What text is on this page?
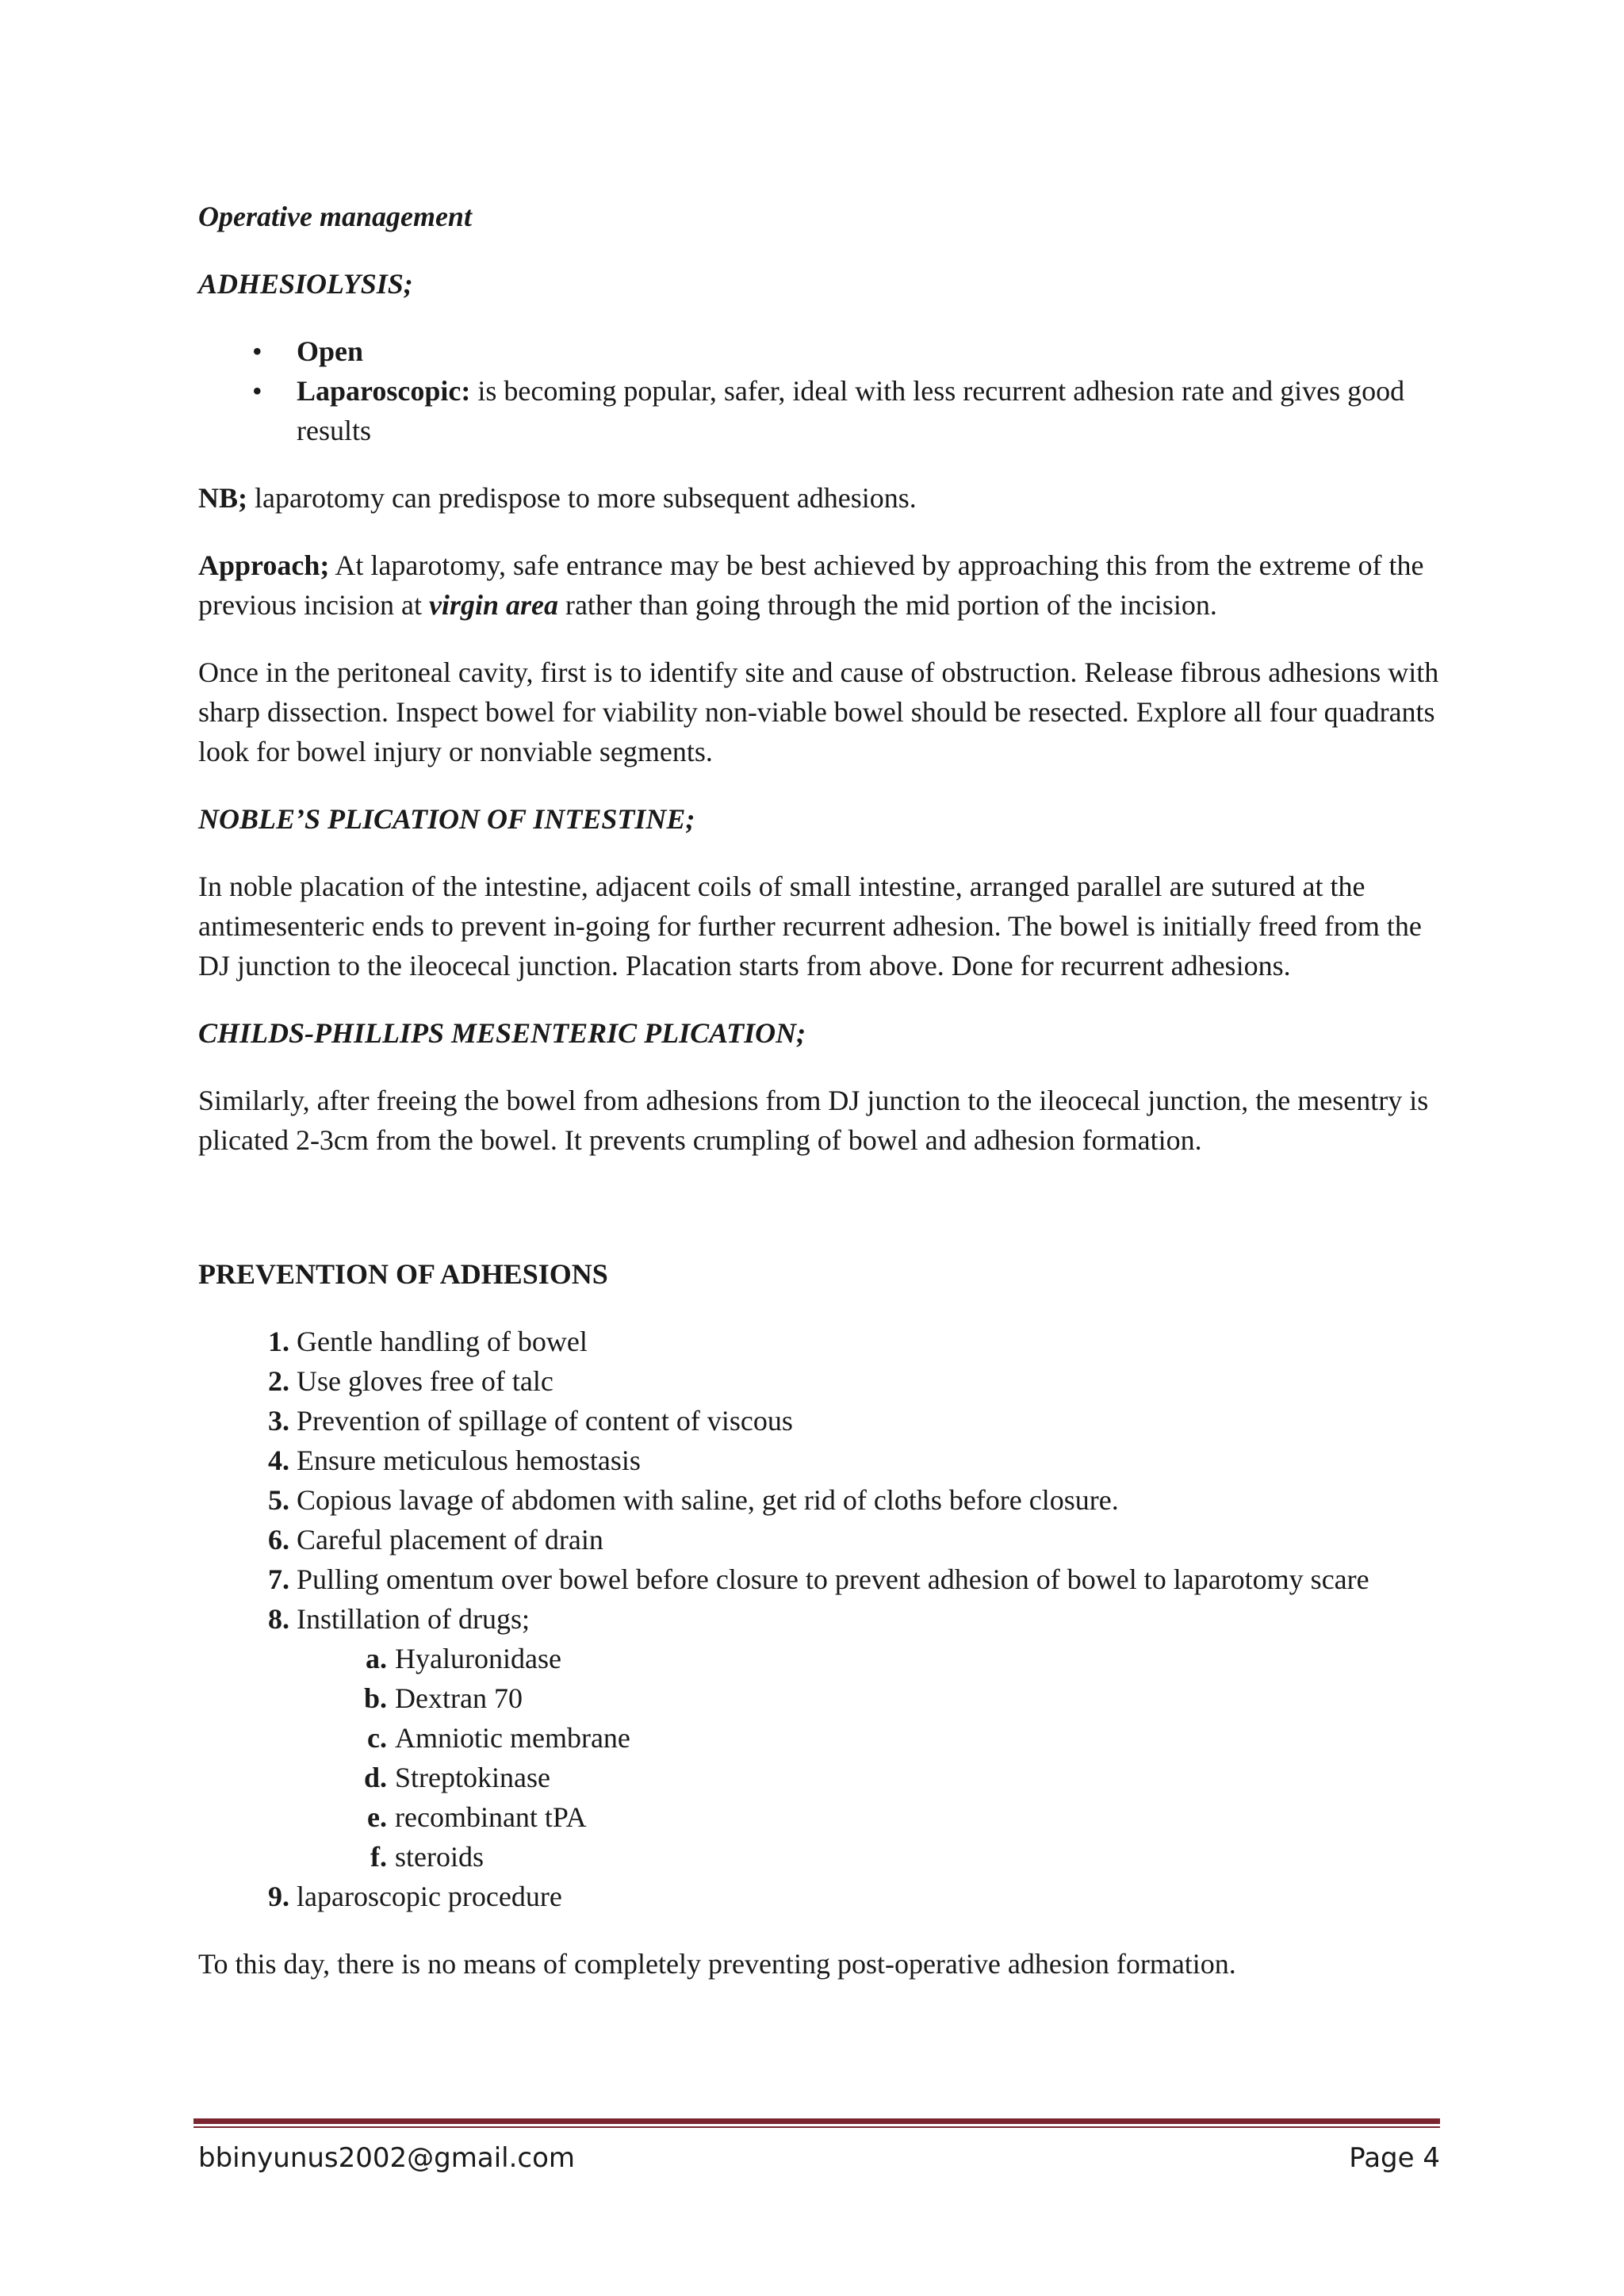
Operative management

ADHESIOLYSIS;

• Open
• Laparoscopic: is becoming popular, safer, ideal with less recurrent adhesion rate and gives good results

NB; laparotomy can predispose to more subsequent adhesions.

Approach; At laparotomy, safe entrance may be best achieved by approaching this from the extreme of the previous incision at virgin area rather than going through the mid portion of the incision.

Once in the peritoneal cavity, first is to identify site and cause of obstruction. Release fibrous adhesions with sharp dissection. Inspect bowel for viability non-viable bowel should be resected. Explore all four quadrants look for bowel injury or nonviable segments.

NOBLE’S PLICATION OF INTESTINE;

In noble placation of the intestine, adjacent coils of small intestine, arranged parallel are sutured at the antimesenteric ends to prevent in-going for further recurrent adhesion. The bowel is initially freed from the DJ junction to the ileocecal junction. Placation starts from above. Done for recurrent adhesions.

CHILDS-PHILLIPS MESENTERIC PLICATION;

Similarly, after freeing the bowel from adhesions from DJ junction to the ileocecal junction, the mesentry is plicated 2-3cm from the bowel. It prevents crumpling of bowel and adhesion formation.

PREVENTION OF ADHESIONS

1. Gentle handling of bowel
2. Use gloves free of talc
3. Prevention of spillage of content of viscous
4. Ensure meticulous hemostasis
5. Copious lavage of abdomen with saline, get rid of cloths before closure.
6. Careful placement of drain
7. Pulling omentum over bowel before closure to prevent adhesion of bowel to laparotomy scare
8. Instillation of drugs;
a. Hyaluronidase
b. Dextran 70
c. Amniotic membrane
d. Streptokinase
e. recombinant tPA
f. steroids
9. laparoscopic procedure

To this day, there is no means of completely preventing post-operative adhesion formation.

bbinyunus2002@gmail.com	Page 4
